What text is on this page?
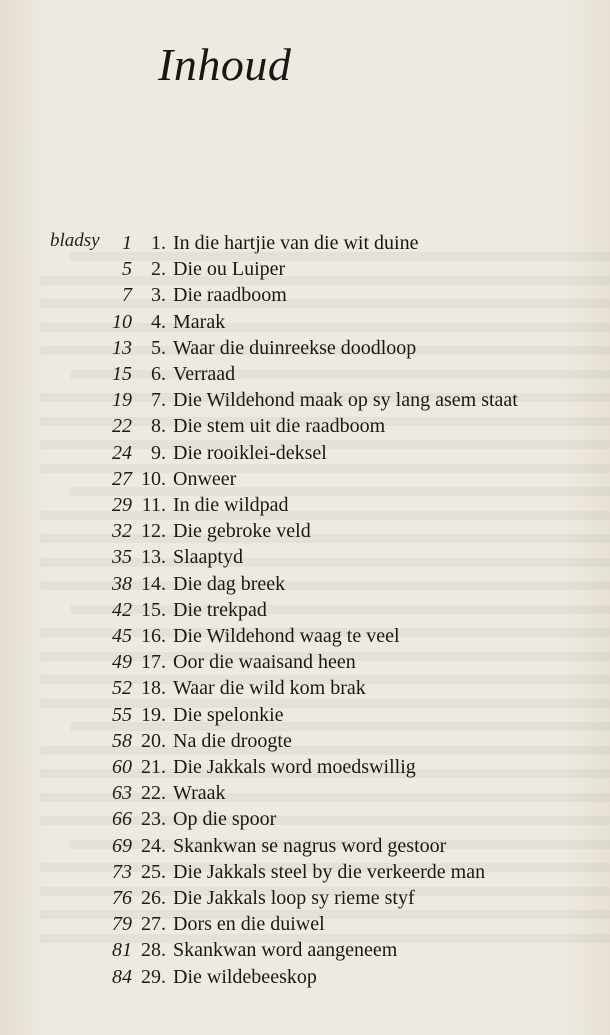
Inhoud
bladsy 1 1. In die hartjie van die wit duine
5 2. Die ou Luiper
7 3. Die raadboom
10 4. Marak
13 5. Waar die duinreekse doodloop
15 6. Verraad
19 7. Die Wildehond maak op sy lang asem staat
22 8. Die stem uit die raadboom
24 9. Die rooiklei-deksel
27 10. Onweer
29 11. In die wildpad
32 12. Die gebroke veld
35 13. Slaaptyd
38 14. Die dag breek
42 15. Die trekpad
45 16. Die Wildehond waag te veel
49 17. Oor die waaisand heen
52 18. Waar die wild kom brak
55 19. Die spelonkie
58 20. Na die droogte
60 21. Die Jakkals word moedswillig
63 22. Wraak
66 23. Op die spoor
69 24. Skankwan se nagrus word gestoor
73 25. Die Jakkals steel by die verkeerde man
76 26. Die Jakkals loop sy rieme styf
79 27. Dors en die duiwel
81 28. Skankwan word aangeneem
84 29. Die wildebeeskop
